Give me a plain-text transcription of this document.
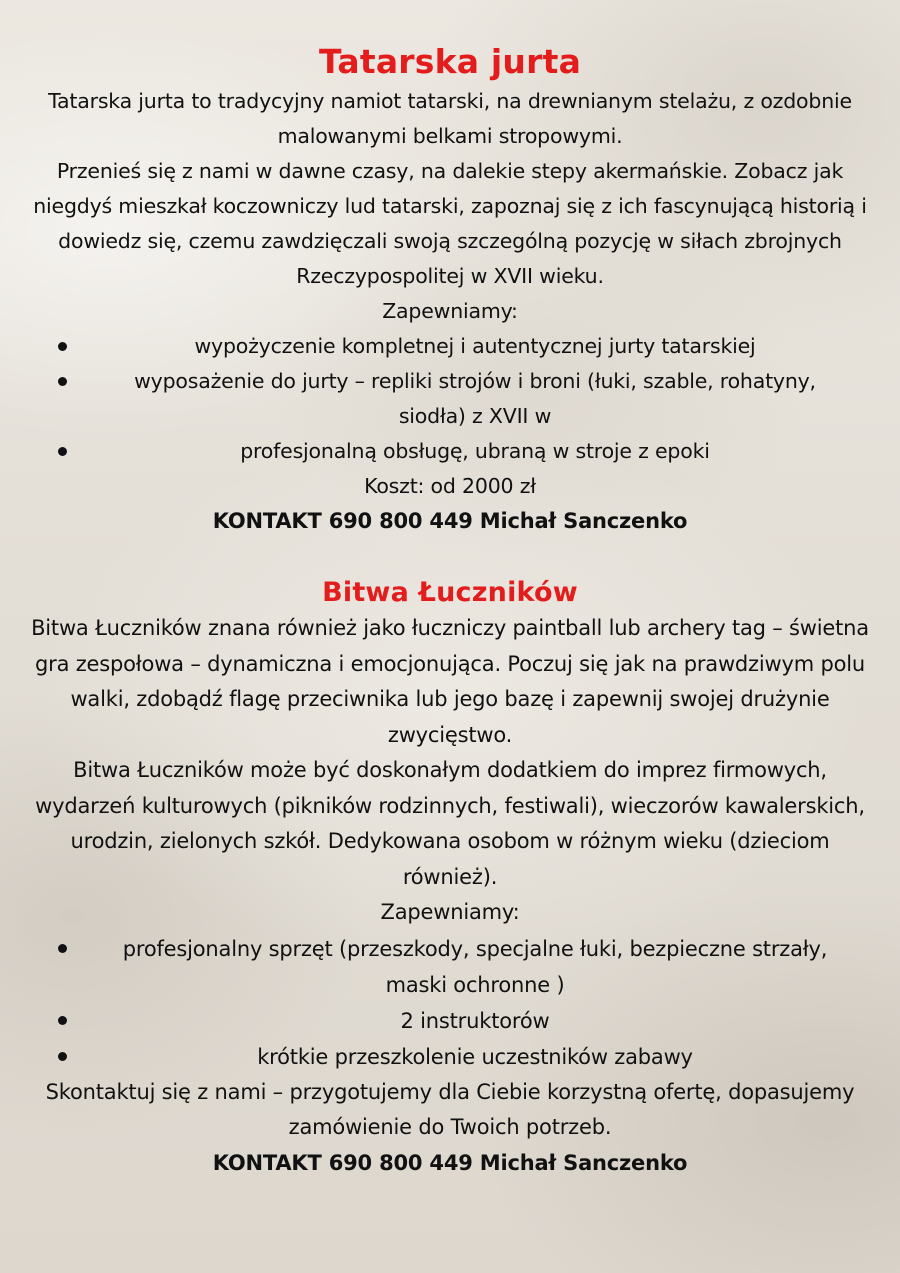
Tatarska jurta

Tatarska jurta to tradycyjny namiot tatarski, na drewnianym stelażu, z ozdobnie malowanymi belkami stropowymi.

Przenieś się z nami w dawne czasy, na dalekie stepy akermańskie. Zobacz jak niegdyś mieszkał koczowniczy lud tatarski, zapoznaj się z ich fascynującą historią i dowiedz się, czemu zawdzięczali swoją szczególną pozycję w siłach zbrojnych Rzeczypospolitej w XVII wieku.

Zapewniamy:

wypożyczenie kompletnej i autentycznej jurty tatarskiej
wyposażenie do jurty – repliki strojów i broni (łuki, szable, rohatyny, siodła) z XVII w
profesjonalną obsługę, ubraną w stroje z epoki

Koszt: od 2000 zł

KONTAKT 690 800 449 Michał Sanczenko

Bitwa Łuczników

Bitwa Łuczników znana również jako łuczniczy paintball lub archery tag – świetna gra zespołowa – dynamiczna i emocjonująca. Poczuj się jak na prawdziwym polu walki, zdobądź flagę przeciwnika lub jego bazę i zapewnij swojej drużynie zwycięstwo.

Bitwa Łuczników może być doskonałym dodatkiem do imprez firmowych, wydarzeń kulturowych (pikników rodzinnych, festiwali), wieczorów kawalerskich, urodzin, zielonych szkół. Dedykowana osobom w różnym wieku (dzieciom również).

Zapewniamy:

profesjonalny sprzęt (przeszkody, specjalne łuki, bezpieczne strzały, maski ochronne )
2 instruktorów
krótkie przeszkolenie uczestników zabawy

Skontaktuj się z nami – przygotujemy dla Ciebie korzystną ofertę, dopasujemy zamówienie do Twoich potrzeb.

KONTAKT 690 800 449 Michał Sanczenko
